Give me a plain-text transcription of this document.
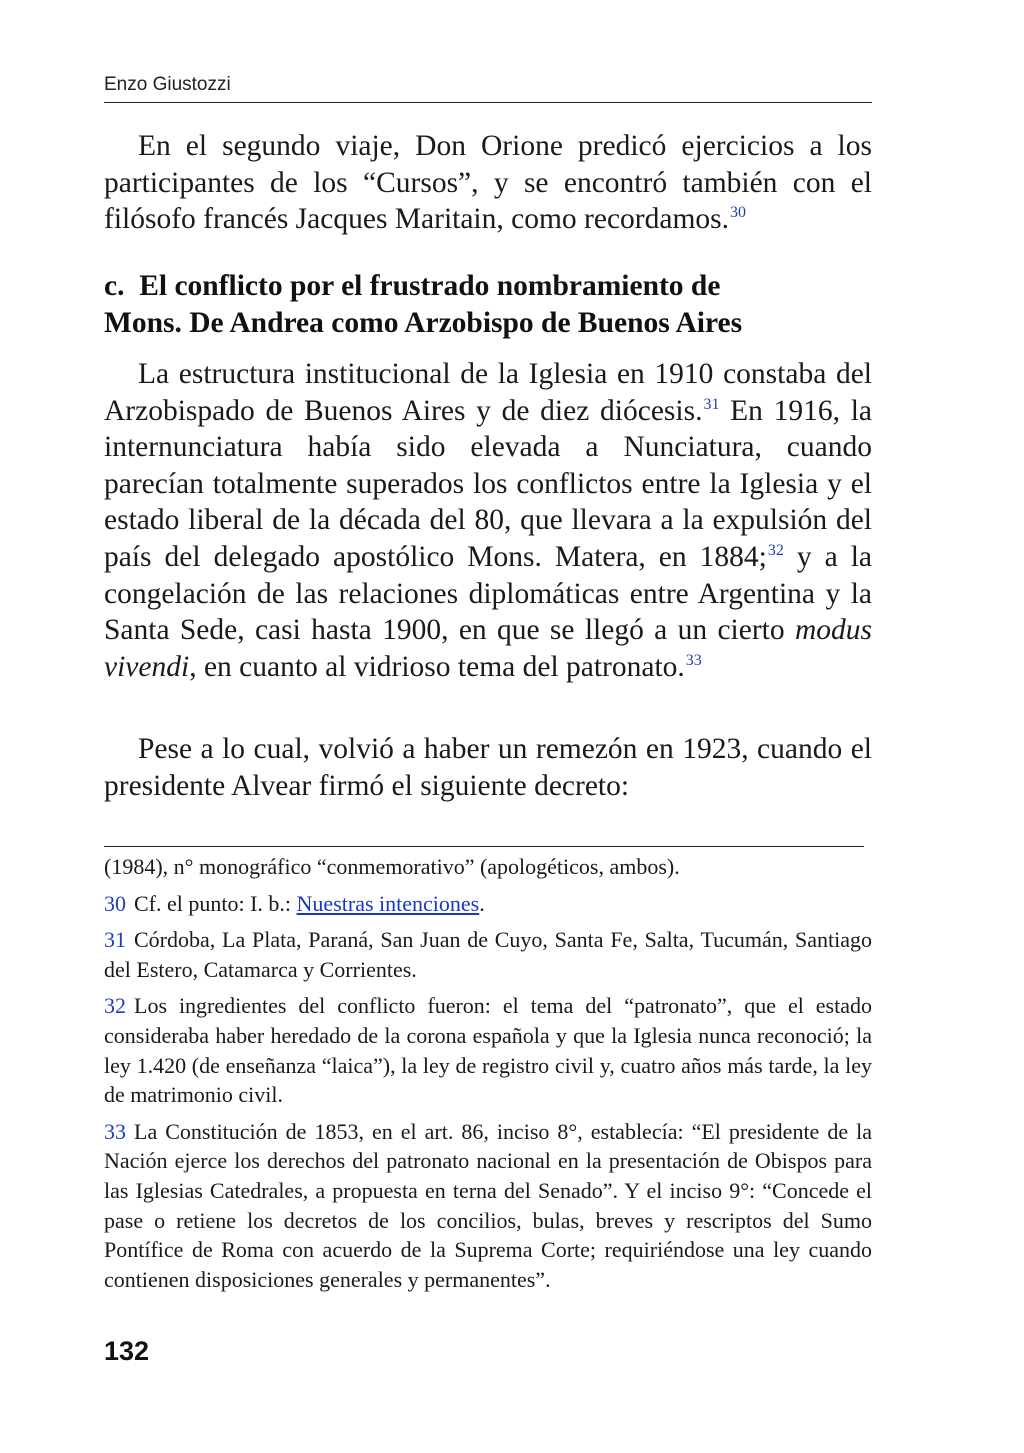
Enzo Giustozzi

En el segundo viaje, Don Orione predicó ejercicios a los participantes de los “Cursos”, y se encontró también con el filósofo francés Jacques Maritain, como recordamos.$^{30}$

c.  El conflicto por el frustrado nombramiento de
Mons. De Andrea como Arzobispo de Buenos Aires

La estructura institucional de la Iglesia en 1910 constaba del Arzobispado de Buenos Aires y de diez diócesis.$^{31}$ En 1916, la internunciatura había sido elevada a Nunciatura, cuando parecían totalmente superados los conflictos entre la Iglesia y el estado liberal de la década del 80, que llevara a la expulsión del país del delegado apostólico Mons. Matera, en 1884;$^{32}$ y a la congelación de las relaciones diplomáticas entre Argentina y la Santa Sede, casi hasta 1900, en que se llegó a un cierto modus vivendi, en cuanto al vidrioso tema del patronato.$^{33}$

Pese a lo cual, volvió a haber un remezón en 1923, cuando el presidente Alvear firmó el siguiente decreto:

(1984), n° monográfico “conmemorativo” (apologéticos, ambos).

30 Cf. el punto: I. b.: Nuestras intenciones.

31 Córdoba, La Plata, Paraná, San Juan de Cuyo, Santa Fe, Salta, Tucumán, Santiago del Estero, Catamarca y Corrientes.

32 Los ingredientes del conflicto fueron: el tema del “patronato”, que el estado consideraba haber heredado de la corona española y que la Iglesia nunca reconoció; la ley 1.420 (de enseñanza “laica”), la ley de registro civil y, cuatro años más tarde, la ley de matrimonio civil.

33 La Constitución de 1853, en el art. 86, inciso 8°, establecía: “El presidente de la Nación ejerce los derechos del patronato nacional en la presentación de Obispos para las Iglesias Catedrales, a propuesta en terna del Senado”. Y el inciso 9°: “Concede el pase o retiene los decretos de los concilios, bulas, breves y rescriptos del Sumo Pontífice de Roma con acuerdo de la Suprema Corte; requiriéndose una ley cuando contienen disposiciones generales y permanentes”.

132
